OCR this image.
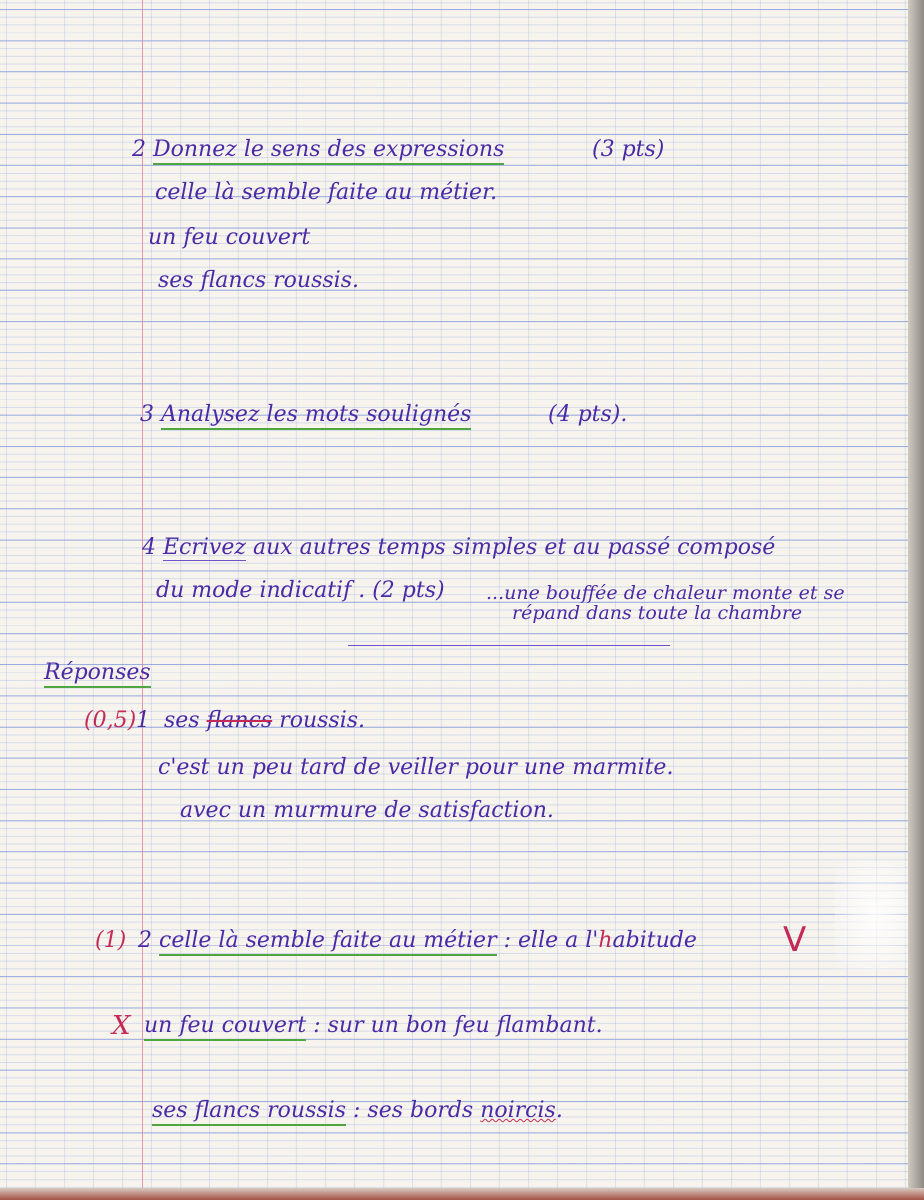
2 Donnez le sens des expressions	(3 pts)
celle là semble faite au métier.
un feu couvert
ses flancs roussis.
3 Analysez les mots soulignés	(4 pts).
4 Ecrivez aux autres temps simples et au passé composé
du mode indicatif . (2 pts) ...une bouffée de chaleur monte et se
répand dans toute la chambre
Réponses
(0,5) 1 ses flancs roussis.
c'est un peu tard de veiller pour une marmite.
avec un murmure de satisfaction.
(1) 2 celle là semble faite au métier : elle a l'habitude	V
X un feu couvert : sur un bon feu flambant.
ses flancs roussis : ses bords noircis.
